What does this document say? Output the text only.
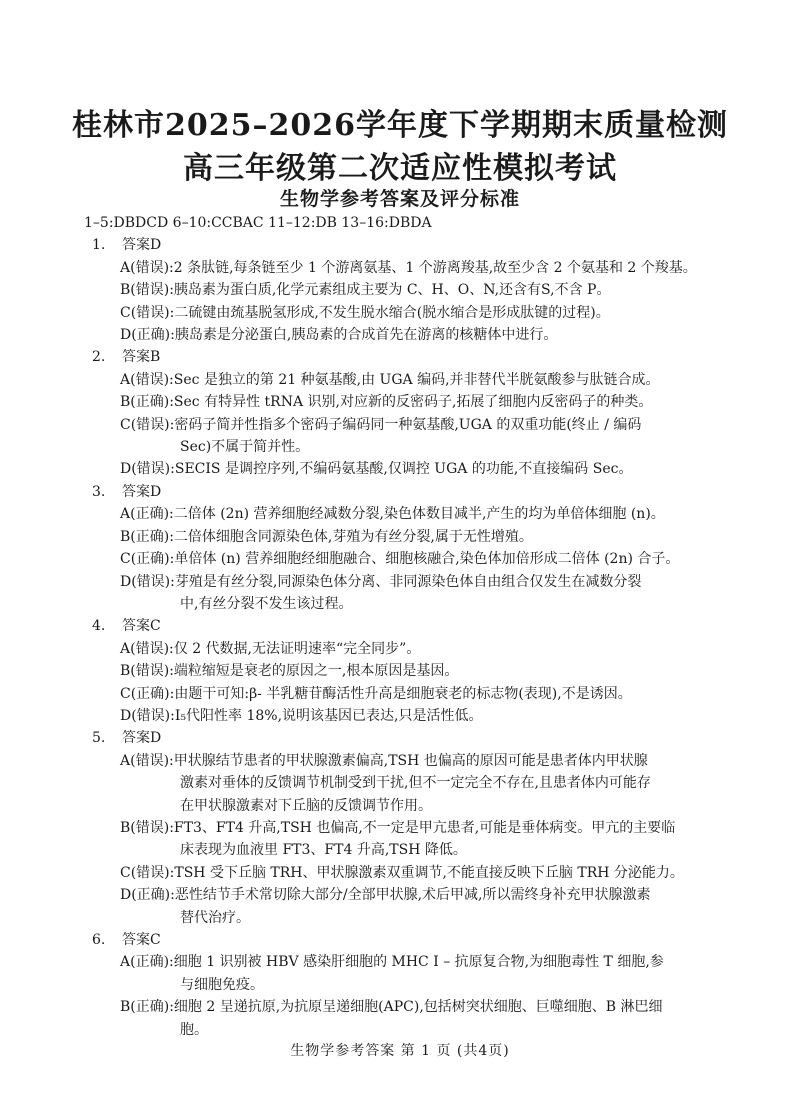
桂林市2025–2026学年度下学期期末质量检测
高三年级第二次适应性模拟考试
生物学参考答案及评分标准
1–5:DBDCD 6–10:CCBAC 11–12:DB 13–16:DBDA
1. 答案D
A(错误):2 条肽链,每条链至少 1 个游离氨基、1 个游离羧基,故至少含 2 个氨基和 2 个羧基。
B(错误):胰岛素为蛋白质,化学元素组成主要为 C、H、O、N,还含有S,不含 P。
C(错误):二硫键由巯基脱氢形成,不发生脱水缩合(脱水缩合是形成肽键的过程)。
D(正确):胰岛素是分泌蛋白,胰岛素的合成首先在游离的核糖体中进行。
2. 答案B
A(错误):Sec 是独立的第 21 种氨基酸,由 UGA 编码,并非替代半胱氨酸参与肽链合成。
B(正确):Sec 有特异性 tRNA 识别,对应新的反密码子,拓展了细胞内反密码子的种类。
C(错误):密码子简并性指多个密码子编码同一种氨基酸,UGA 的双重功能(终止 / 编码
Sec)不属于简并性。
D(错误):SECIS 是调控序列,不编码氨基酸,仅调控 UGA 的功能,不直接编码 Sec。
3. 答案D
A(正确):二倍体 (2n) 营养细胞经减数分裂,染色体数目减半,产生的均为单倍体细胞 (n)。
B(正确):二倍体细胞含同源染色体,芽殖为有丝分裂,属于无性增殖。
C(正确):单倍体 (n) 营养细胞经细胞融合、细胞核融合,染色体加倍形成二倍体 (2n) 合子。
D(错误):芽殖是有丝分裂,同源染色体分离、非同源染色体自由组合仅发生在减数分裂
中,有丝分裂不发生该过程。
4. 答案C
A(错误):仅 2 代数据,无法证明速率“完全同步”。
B(错误):端粒缩短是衰老的原因之一,根本原因是基因。
C(正确):由题干可知:β- 半乳糖苷酶活性升高是细胞衰老的标志物(表现),不是诱因。
D(错误):I₅代阳性率 18%,说明该基因已表达,只是活性低。
5. 答案D
A(错误):甲状腺结节患者的甲状腺激素偏高,TSH 也偏高的原因可能是患者体内甲状腺
激素对垂体的反馈调节机制受到干扰,但不一定完全不存在,且患者体内可能存
在甲状腺激素对下丘脑的反馈调节作用。
B(错误):FT3、FT4 升高,TSH 也偏高,不一定是甲亢患者,可能是垂体病变。甲亢的主要临
床表现为血液里 FT3、FT4 升高,TSH 降低。
C(错误):TSH 受下丘脑 TRH、甲状腺激素双重调节,不能直接反映下丘脑 TRH 分泌能力。
D(正确):恶性结节手术常切除大部分/全部甲状腺,术后甲减,所以需终身补充甲状腺激素
替代治疗。
6. 答案C
A(正确):细胞 1 识别被 HBV 感染肝细胞的 MHC Ⅰ – 抗原复合物,为细胞毒性 T 细胞,参
与细胞免疫。
B(正确):细胞 2 呈递抗原,为抗原呈递细胞(APC),包括树突状细胞、巨噬细胞、B 淋巴细
胞。
生物学参考答案 第 1 页 (共4页)
